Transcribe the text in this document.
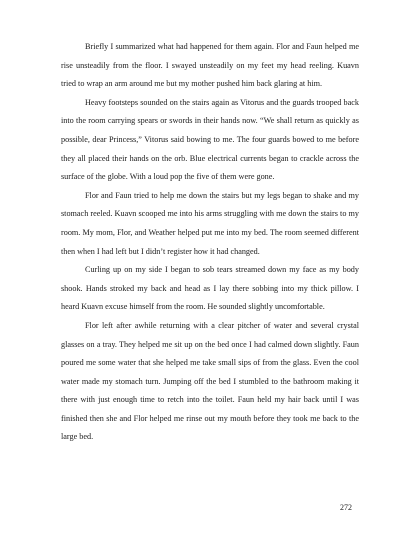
Briefly I summarized what had happened for them again. Flor and Faun helped me rise unsteadily from the floor. I swayed unsteadily on my feet my head reeling. Kuavn tried to wrap an arm around me but my mother pushed him back glaring at him.

Heavy footsteps sounded on the stairs again as Vitorus and the guards trooped back into the room carrying spears or swords in their hands now. “We shall return as quickly as possible, dear Princess,” Vitorus said bowing to me. The four guards bowed to me before they all placed their hands on the orb. Blue electrical currents began to crackle across the surface of the globe. With a loud pop the five of them were gone.

Flor and Faun tried to help me down the stairs but my legs began to shake and my stomach reeled. Kuavn scooped me into his arms struggling with me down the stairs to my room. My mom, Flor, and Weather helped put me into my bed. The room seemed different then when I had left but I didn’t register how it had changed.

Curling up on my side I began to sob tears streamed down my face as my body shook. Hands stroked my back and head as I lay there sobbing into my thick pillow. I heard Kuavn excuse himself from the room. He sounded slightly uncomfortable.

Flor left after awhile returning with a clear pitcher of water and several crystal glasses on a tray. They helped me sit up on the bed once I had calmed down slightly. Faun poured me some water that she helped me take small sips of from the glass. Even the cool water made my stomach turn. Jumping off the bed I stumbled to the bathroom making it there with just enough time to retch into the toilet. Faun held my hair back until I was finished then she and Flor helped me rinse out my mouth before they took me back to the large bed.

272
